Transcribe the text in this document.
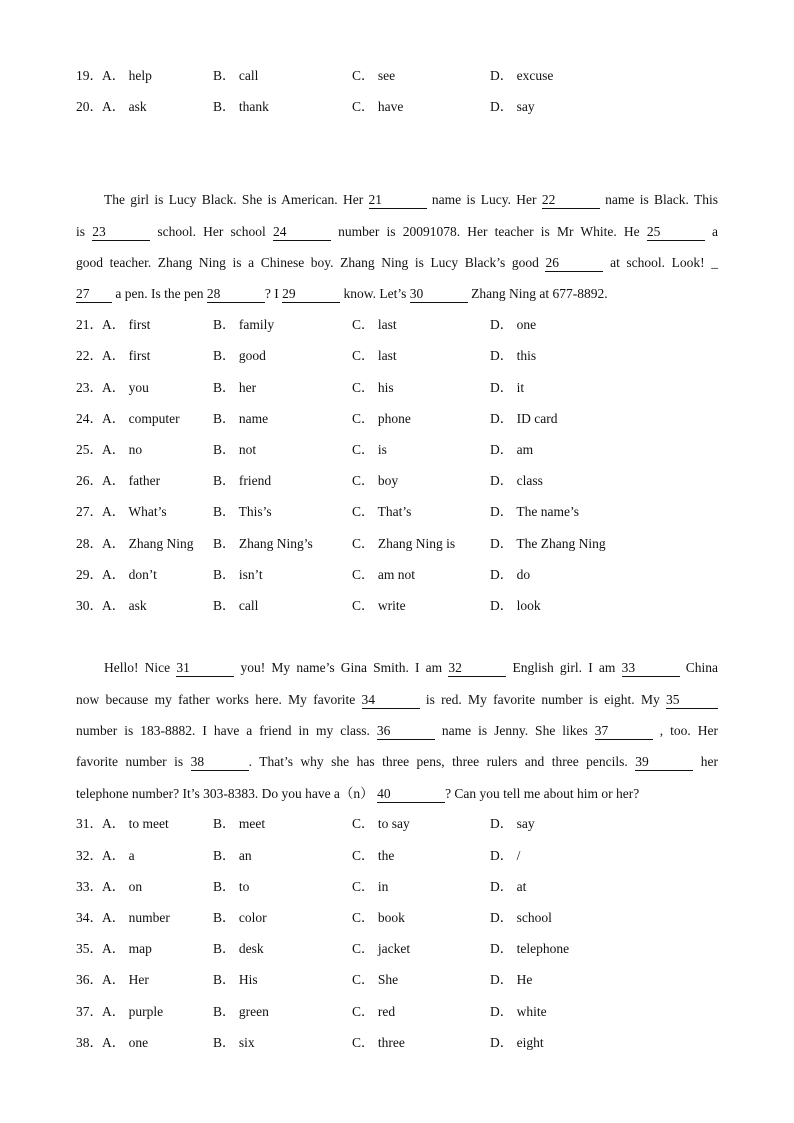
19． A． help	B． call	C． see	D． excuse
20． A． ask	B． thank	C． have	D． say
The girl is Lucy Black. She is American. Her 21	name is Lucy. Her 22	name is Black. This
is 23	school. Her school 24	number is 20091078. Her teacher is Mr White. He 25	a
good teacher. Zhang Ning is a Chinese boy. Zhang Ning is Lucy Black’s good 26	at school. Look! _
27 a pen. Is the pen 28	? I 29	know. Let’s 30	Zhang Ning at 677-8892.
21． A． first	B． family	C． last	D． one
22． A． first	B． good	C． last	D． this
23． A． you	B． her	C． his	D． it
24． A． computer B． name	C． phone	D． ID card
25． A． no	B． not	C． is	D． am
26． A． father	B． friend	C． boy	D． class
27． A． What’s	B． This’s	C． That’s	D． The name’s
28． A． Zhang Ning B． Zhang Ning’s	C． Zhang Ning is	D． The Zhang Ning
29． A． don’t	B． isn’t	C． am not	D． do
30． A． ask	B． call	C． write	D． look
Hello! Nice 31	you! My name’s Gina Smith. I am 32	English girl. I am 33	China
now because my father works here. My favorite 34	is red. My favorite number is eight. My 35
number is 183-8882. I have a friend in my class. 36	name is Jenny. She likes 37	, too. Her
favorite number is 38	. That’s why she has three pens, three rulers and three pencils. 39	her
telephone number? It’s 303-8383. Do you have a（n） 40	? Can you tell me about him or her?
31． A． to meet	B． meet	C． to say	D． say
32． A． a	B． an	C． the	D． /
33． A． on	B． to	C． in	D． at
34． A． number	B． color	C． book	D． school
35． A． map	B． desk	C． jacket	D． telephone
36． A． Her	B． His	C． She	D． He
37． A． purple	B． green	C． red	D． white
38． A． one	B． six	C． three	D． eight
